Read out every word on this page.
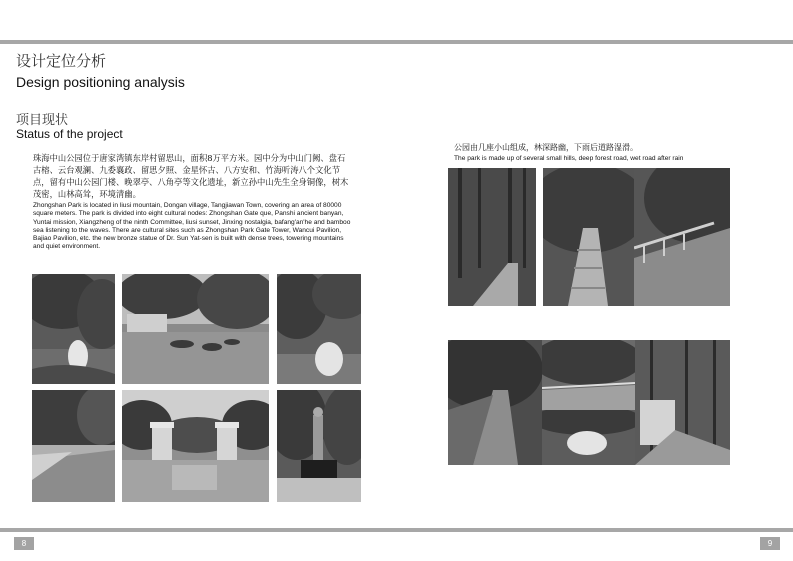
设计定位分析
Design positioning analysis
项目现状
Status of the project
珠海中山公园位于唐家湾镇东岸村留思山，面积8万平方米。园中分为中山门阙、盘石古榕、云台观澜、九委襄政、留思夕照、金星怀古、八方安和、竹海听涛八个文化节点，留有中山公园门楼、晚翠亭、八角亭等文化遗址，新立孙中山先生全身铜像，树木茂密，山林高耸，环境清幽。
Zhongshan Park is located in liusi mountain, Dongan village, Tangjiawan Town, covering an area of 80000 square meters. The park is divided into eight cultural nodes: Zhongshan Gate que, Panshi ancient banyan, Yuntai mission, Xiangzheng of the ninth Committee, liusi sunset, Jinxing nostalgia, bafang'an'he and bamboo sea listening to the waves. There are cultural sites such as Zhongshan Park Gate Tower, Wancui Pavilion, Bajiao Pavilion, etc. the new bronze statue of Dr. Sun Yat-sen is built with dense trees, towering mountains and quiet environment.
公园由几座小山组成，林深路幽，下雨后道路湿滑。
The park is made up of several small hills, deep forest road, wet road after rain
8	9
